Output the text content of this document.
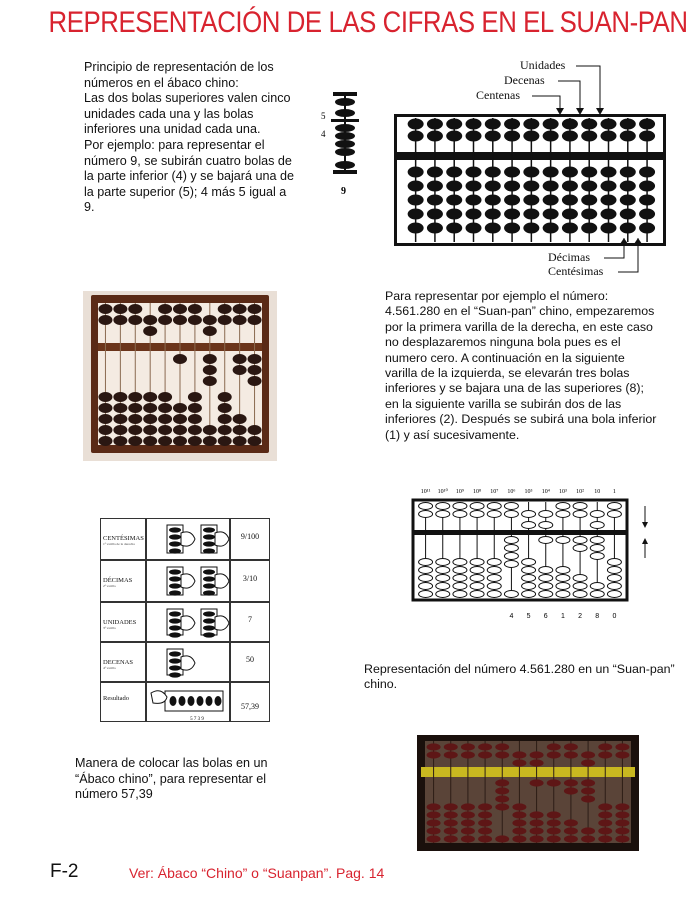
REPRESENTACIÓN DE LAS CIFRAS EN EL SUAN-PAN
Principio de representación de los números en el ábaco chino:
Las dos bolas superiores valen cinco unidades cada una y las bolas inferiores una unidad cada una.
Por ejemplo: para representar el número 9, se subirán cuatro bolas de la parte inferior (4) y se bajará una de la parte superior (5); 4 más 5 igual a 9.
5
4
9
Unidades
Decenas
Centenas
Décimas
Centésimas
Para representar por ejemplo el número: 4.561.280 en el “Suan-pan” chino, empezaremos por la primera varilla de la derecha, en este caso no desplazaremos ninguna bola pues es el numero cero. A continuación en la siguiente varilla de la izquierda, se elevarán tres bolas inferiores y se bajara una de las superiores (8); en la siguiente varilla se subirán dos de las inferiores (2). Después se subirá una bola inferior (1) y así sucesivamente.
10¹¹ 10¹⁰ 10⁹ 10⁸ 10⁷ 10⁶ 10⁵ 10⁴ 10³ 10² 10 1
4 5 6 1 2 8 0
Representación del número 4.561.280 en un “Suan-pan” chino.
CENTÉSIMAS
1ª varilla de la derecha
9/100
DÉCIMAS
2ª varilla
3/10
UNIDADES
3ª varilla
7
DECENAS
4ª varilla
50
Resultado
5 7 3 9
57,39
Manera de colocar las bolas en un “Ábaco chino”, para representar el número 57,39
F-2	Ver: Ábaco “Chino” o “Suanpan”. Pag. 14
